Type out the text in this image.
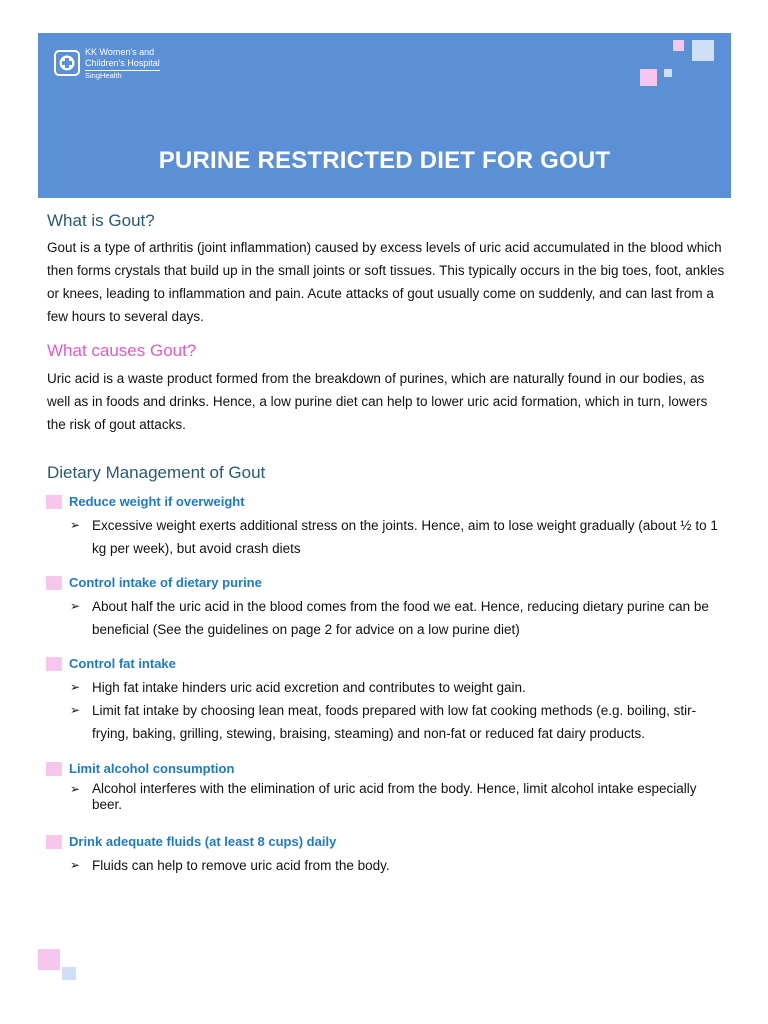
KK Women's and
Children's Hospital
SingHealth
PURINE RESTRICTED DIET FOR GOUT
What is Gout?

Gout is a type of arthritis (joint inflammation) caused by excess levels of uric acid accumulated in the blood which then forms crystals that build up in the small joints or soft tissues. This typically occurs in the big toes, foot, ankles or knees, leading to inflammation and pain. Acute attacks of gout usually come on suddenly, and can last from a few hours to several days.

What causes Gout?

Uric acid is a waste product formed from the breakdown of purines, which are naturally found in our bodies, as well as in foods and drinks. Hence, a low purine diet can help to lower uric acid formation, which in turn, lowers the risk of gout attacks.

Dietary Management of Gout
Reduce weight if overweight
➢ Excessive weight exerts additional stress on the joints. Hence, aim to lose weight gradually (about ½ to 1 kg per week), but avoid crash diets
Control intake of dietary purine
➢ About half the uric acid in the blood comes from the food we eat. Hence, reducing dietary purine can be beneficial (See the guidelines on page 2 for advice on a low purine diet)
Control fat intake
➢ High fat intake hinders uric acid excretion and contributes to weight gain.
➢ Limit fat intake by choosing lean meat, foods prepared with low fat cooking methods (e.g. boiling, stir-frying, baking, grilling, stewing, braising, steaming) and non-fat or reduced fat dairy products.
Limit alcohol consumption
➢ Alcohol interferes with the elimination of uric acid from the body. Hence, limit alcohol intake especially beer.
Drink adequate fluids (at least 8 cups) daily
➢ Fluids can help to remove uric acid from the body.
